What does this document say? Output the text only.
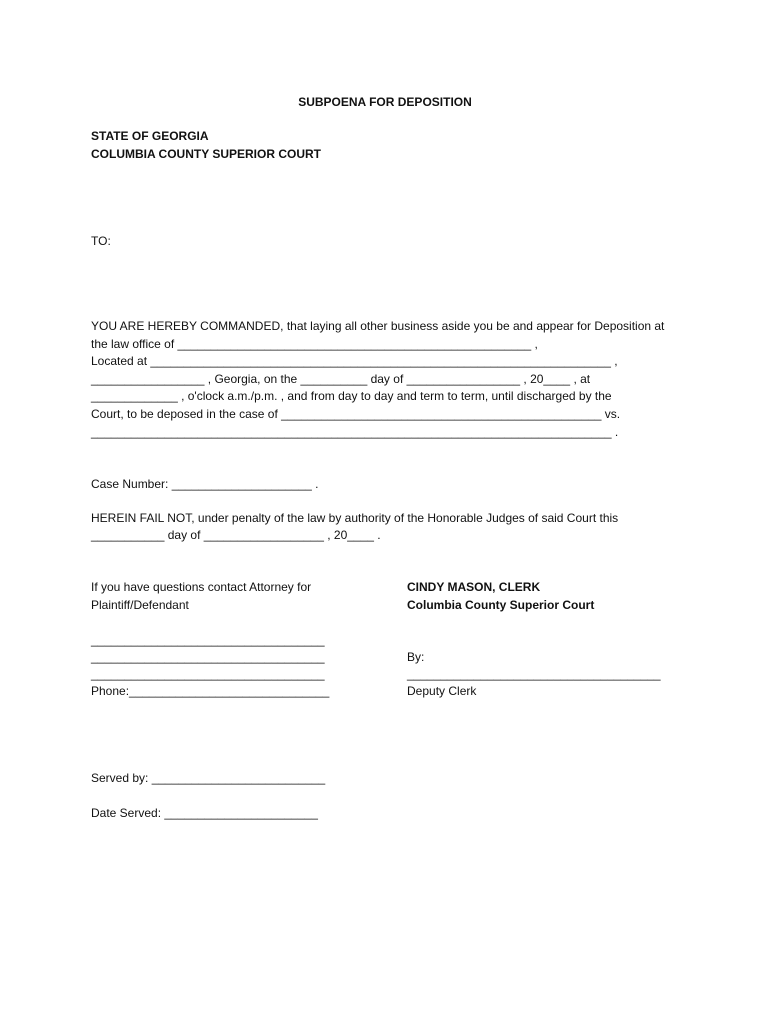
SUBPOENA FOR DEPOSITION

STATE OF GEORGIA

COLUMBIA COUNTY SUPERIOR COURT

TO:

YOU ARE HEREBY COMMANDED, that laying all other business aside you be and appear for Deposition at

the law office of _____________________________________________________ ,

Located at _____________________________________________________________________ ,

_________________ , Georgia, on the __________ day of _________________ , 20____ , at

_____________ , o'clock a.m./p.m. , and from day to day and term to term, until discharged by the

Court, to be deposed in the case of ________________________________________________ vs.

______________________________________________________________________________ .

Case Number: _____________________ .

HEREIN FAIL NOT, under penalty of the law by authority of the Honorable Judges of said Court this

___________ day of __________________ , 20____ .

If you have questions contact Attorney for

Plaintiff/Defendant

___________________________________

___________________________________

___________________________________

Phone:______________________________

CINDY MASON, CLERK

Columbia County Superior Court

By:

______________________________________

Deputy Clerk

Served by: __________________________

Date Served: _______________________
